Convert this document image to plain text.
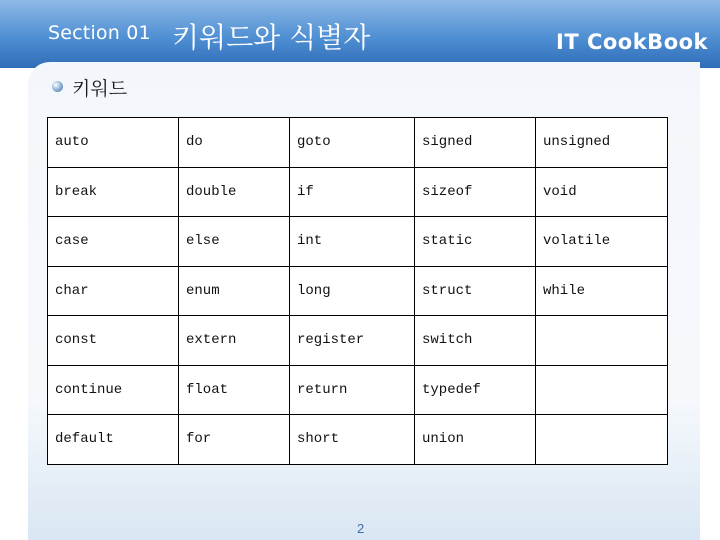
Section 01 키워드와 식별자	IT CookBook
키워드
auto	do	goto	signed	unsigned
break	double	if	sizeof	void
case	else	int	static	volatile
char	enum	long	struct	while
const	extern	register	switch	
continue	float	return	typedef	
default	for	short	union	
2
